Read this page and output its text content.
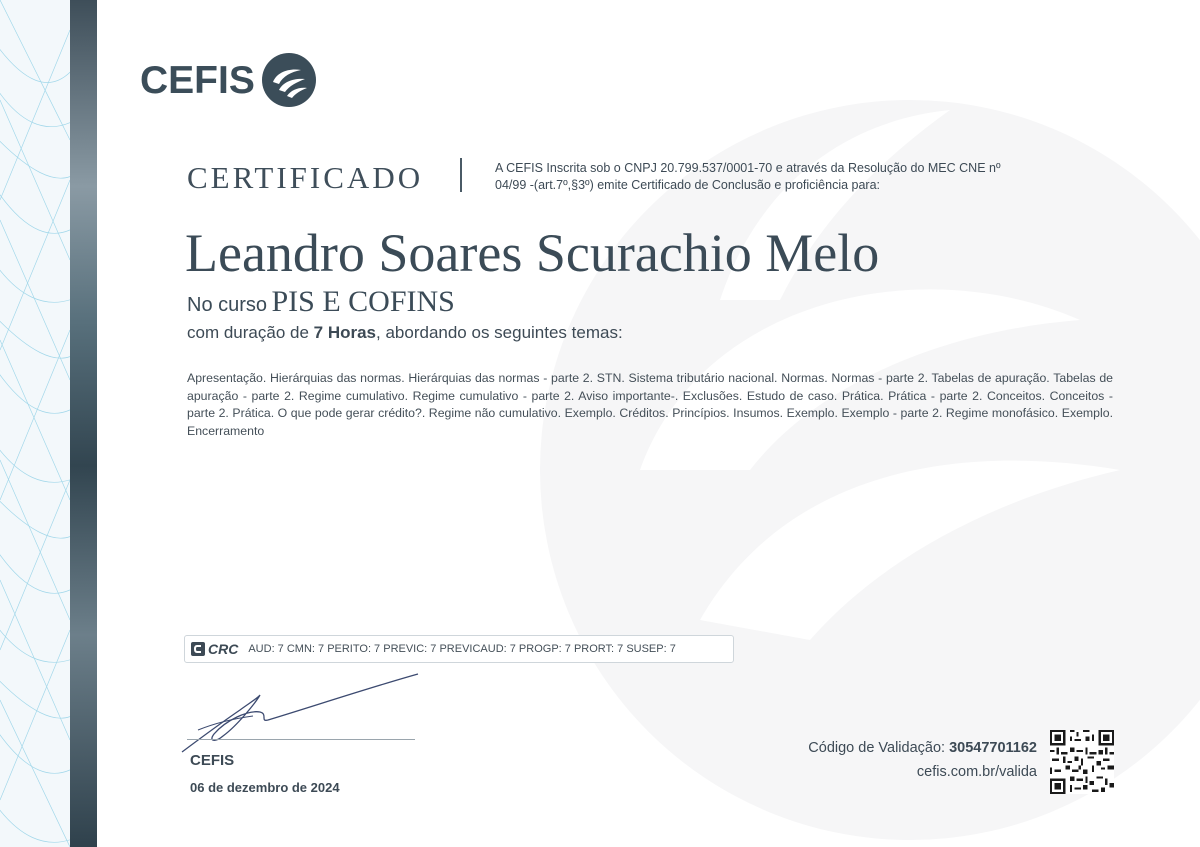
CEFIS
CERTIFICADO	A CEFIS Inscrita sob o CNPJ 20.799.537/0001-70 e através da Resolução do MEC CNE nº 04/99 -(art.7º,§3º) emite Certificado de Conclusão e proficiência para:
Leandro Soares Scurachio Melo
No curso PIS E COFINS
com duração de 7 Horas, abordando os seguintes temas:
Apresentação. Hierárquias das normas. Hierárquias das normas - parte 2. STN. Sistema tributário nacional. Normas. Normas - parte 2. Tabelas de apuração. Tabelas de apuração - parte 2. Regime cumulativo. Regime cumulativo - parte 2. Aviso importante-. Exclusões. Estudo de caso. Prática. Prática - parte 2. Conceitos. Conceitos - parte 2. Prática. O que pode gerar crédito?. Regime não cumulativo. Exemplo. Créditos. Princípios. Insumos. Exemplo. Exemplo - parte 2. Regime monofásico. Exemplo. Encerramento
CRC AUD: 7 CMN: 7 PERITO: 7 PREVIC: 7 PREVICAUD: 7 PROGP: 7 PRORT: 7 SUSEP: 7
CEFIS
06 de dezembro de 2024
Código de Validação: 30547701162
cefis.com.br/valida
